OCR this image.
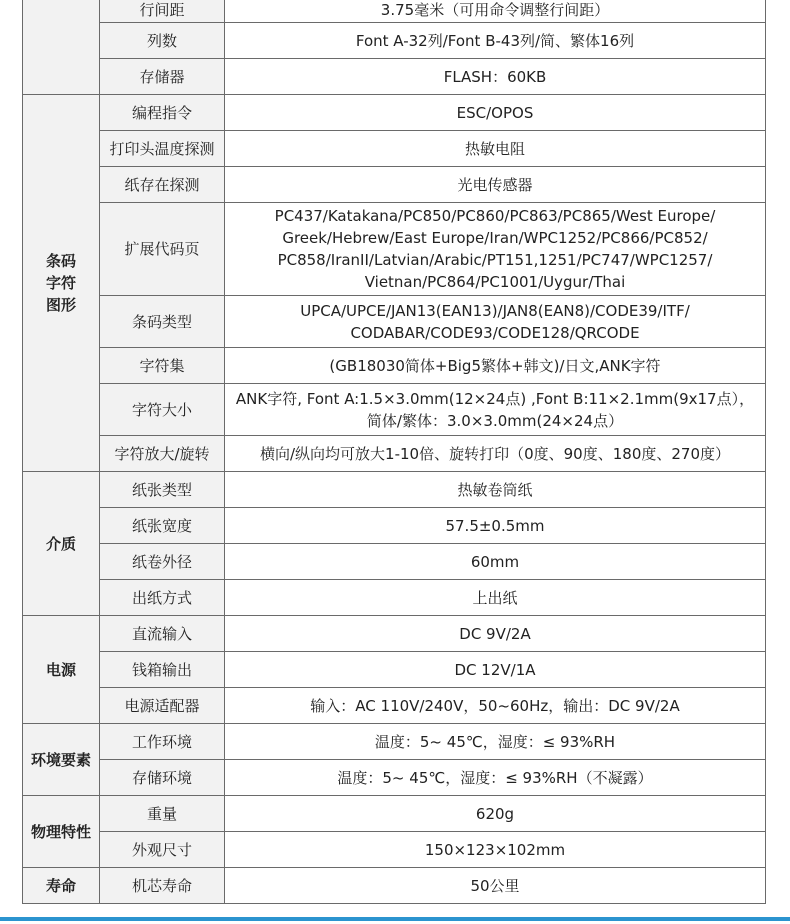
	行间距	3.75毫米（可用命令调整行间距）
	列数	Font A-32列/Font B-43列/简、繁体16列
	存储器	FLASH：60KB

条码
字符
图形	编程指令	ESC/OPOS
	打印头温度探测	热敏电阻
	纸存在探测	光电传感器
	扩展代码页	PC437/Katakana/PC850/PC860/PC863/PC865/West Europe/
Greek/Hebrew/East Europe/Iran/WPC1252/PC866/PC852/
PC858/IranII/Latvian/Arabic/PT151,1251/PC747/WPC1257/
Vietnan/PC864/PC1001/Uygur/Thai

	条码类型	UPCA/UPCE/JAN13(EAN13)/JAN8(EAN8)/CODE39/ITF/
CODABAR/CODE93/CODE128/QRCODE

	字符集	(GB18030简体+Big5繁体+韩文)/日文,ANK字符
	字符大小	ANK字符, Font A:1.5×3.0mm(12×24点) ,Font B:11×2.1mm(9x17点），
简体/繁体：3.0×3.0mm(24×24点）

	字符放大/旋转	横向/纵向均可放大1-10倍、旋转打印（0度、90度、180度、270度）
介质	纸张类型	热敏卷筒纸
	纸张宽度	57.5±0.5mm
	纸卷外径	60mm
	出纸方式	上出纸
电源	直流输入	DC 9V/2A
	钱箱输出	DC 12V/1A
	电源适配器	输入：AC 110V/240V，50~60Hz，输出：DC 9V/2A
环境要素	工作环境	温度：5~ 45℃，湿度：≤ 93%RH
	存储环境	温度：5~ 45℃，湿度：≤ 93%RH（不凝露）
物理特性	重量	620g
	外观尺寸	150×123×102mm
寿命	机芯寿命	50公里
